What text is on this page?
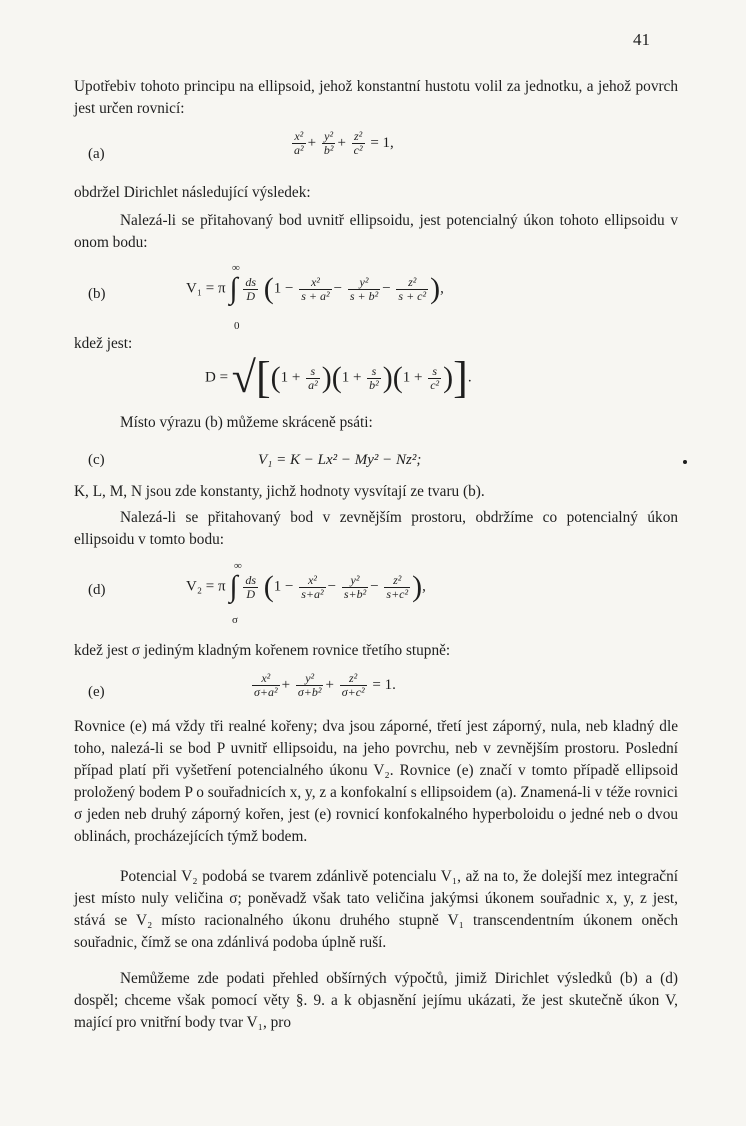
41

Upotřebiv tohoto principu na ellipsoid, jehož konstantní hustotu volil za jednotku, a jehož povrch jest určen rovnicí:

(a)	$\frac{\text{x²}}{\text{a²}} + \frac{\text{y²}}{\text{b²}} + \frac{\text{z²}}{\text{c²}} = 1$,

obdržel Dirichlet následující výsledek:

Nalezá-li se přitahovaný bod uvnitř ellipsoidu, jest potencialný úkon tohoto ellipsoidu v onom bodu:

(b)
∞
0
V₁ = π ∫ $\frac{ds}{D} (1 - \frac{\text{x²}}{\text{s + a²}} - \frac{\text{y²}}{\text{s + b²}} - \frac{\text{z²}}{\text{s + c²}}$ ),
kdež jest:
$D = √[(1 + \frac{s}{\text{a²}} )(1 + \frac{s}{\text{b²}} )(1 + \frac{s}{\text{c²}}$ )].

Místo výrazu (b) můžeme skráceně psáti:

(c)	V₁ = K − Lx² − My² − Nz²;

K, L, M, N jsou zde konstanty, jichž hodnoty vysvítají ze tvaru (b).

Nalezá-li se přitahovaný bod v zevnějším prostoru, obdržíme co potencialný úkon ellipsoidu v tomto bodu:

(d)
∞
σ
V₂ = π ∫ $\frac{ds}{D} (1 - \frac{\text{x²}}{\text{s+a²}} - \frac{\text{y²}}{\text{s+b²}} - \frac{\text{z²}}{\text{s+c²}}$ ),

kdež jest σ jediným kladným kořenem rovnice třetího stupně:

(e)	$\frac{\text{x²}}{\text{σ+a²}} + \frac{\text{y²}}{\text{σ+b²}} + \frac{\text{z²}}{\text{σ+c²}} = 1$.

Rovnice (e) má vždy tři realné kořeny; dva jsou záporné, třetí jest záporný, nula, neb kladný dle toho, nalezá-li se bod P uvnitř ellipsoidu, na jeho povrchu, neb v zevnějším prostoru. Poslední případ platí při vyšetření potencialného úkonu V₂. Rovnice (e) značí v tomto případě ellipsoid proložený bodem P o souřadnicích x, y, z a konfokalní s ellipsoidem (a). Znamená-li v téže rovnici σ jeden neb druhý záporný kořen, jest (e) rovnicí konfokalného hyperboloidu o jedné neb o dvou oblinách, procházejících týmž bodem.

Potencial V₂ podobá se tvarem zdánlivě potencialu V₁, až na to, že dolejší mez integrační jest místo nuly veličina σ; poněvadž však tato veličina jakýmsi úkonem souřadnic x, y, z jest, stává se V₂ místo racionalného úkonu druhého stupně V₁ transcendentním úkonem oněch souřadnic, čímž se ona zdánlivá podoba úplně ruší.

Nemůžeme zde podati přehled obšírných výpočtů, jimiž Dirichlet výsledků (b) a (d) dospěl; chceme však pomocí věty §. 9. a k objasnění jejímu ukázati, že jest skutečně úkon V, mající pro vnitřní body tvar V₁, pro
